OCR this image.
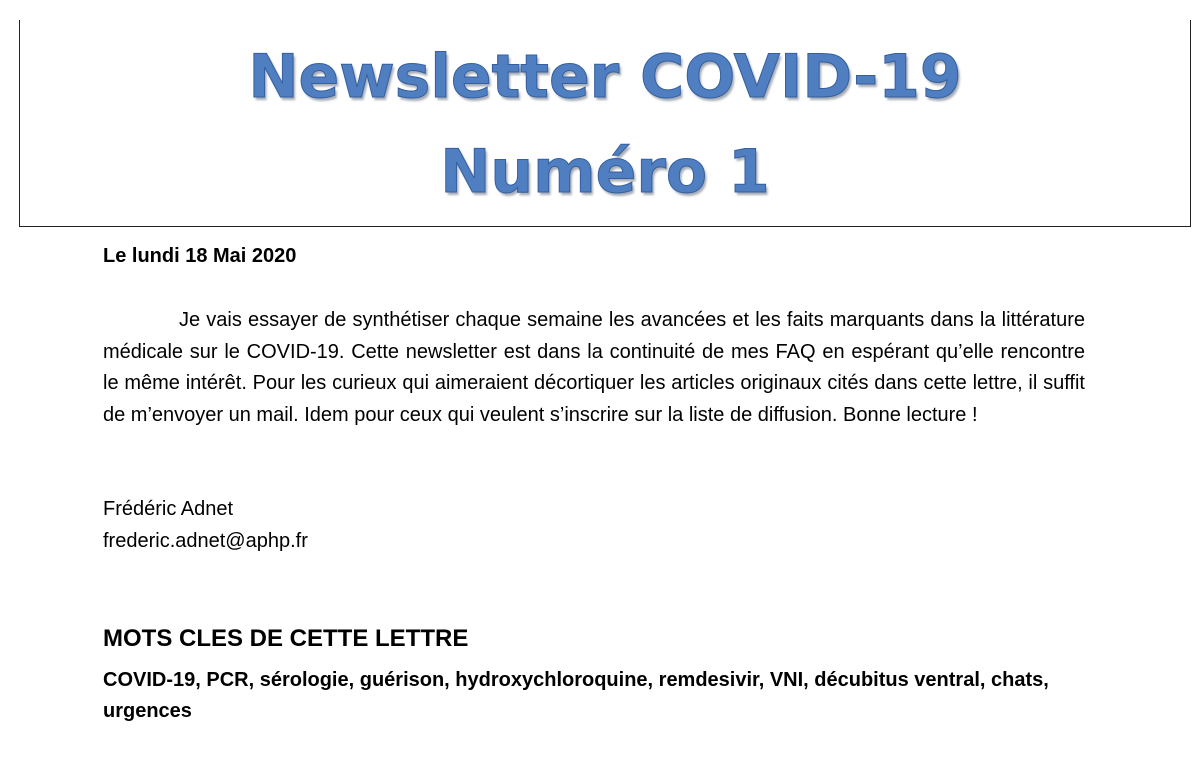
Newsletter COVID-19
Numéro 1
Le lundi 18 Mai 2020

Je vais essayer de synthétiser chaque semaine les avancées et les faits marquants dans la littérature médicale sur le COVID-19. Cette newsletter est dans la continuité de mes FAQ en espérant qu’elle rencontre le même intérêt. Pour les curieux qui aimeraient décortiquer les articles originaux cités dans cette lettre, il suffit de m’envoyer un mail. Idem pour ceux qui veulent s’inscrire sur la liste de diffusion. Bonne lecture !

Frédéric Adnet
frederic.adnet@aphp.fr
MOTS CLES DE CETTE LETTRE

COVID-19, PCR, sérologie, guérison, hydroxychloroquine, remdesivir, VNI, décubitus ventral, chats, urgences
